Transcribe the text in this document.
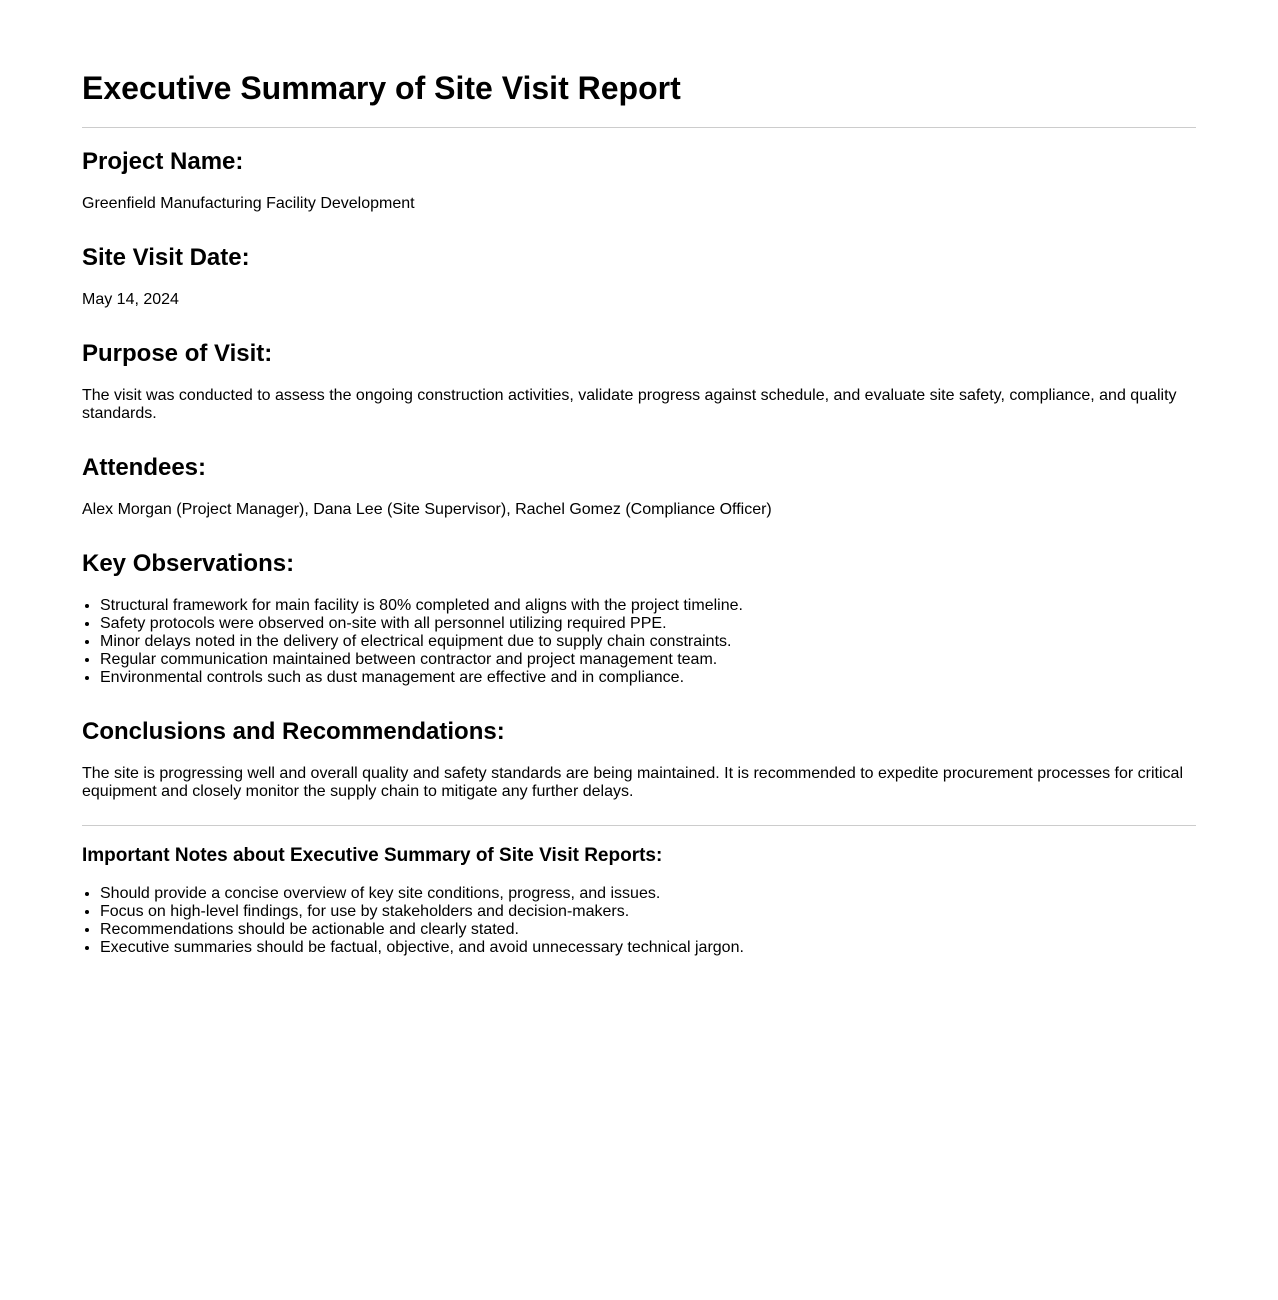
Executive Summary of Site Visit Report
Project Name:

Greenfield Manufacturing Facility Development

Site Visit Date:

May 14, 2024

Purpose of Visit:

The visit was conducted to assess the ongoing construction activities, validate progress against schedule, and evaluate site safety, compliance, and quality standards.

Attendees:

Alex Morgan (Project Manager), Dana Lee (Site Supervisor), Rachel Gomez (Compliance Officer)

Key Observations:
• Structural framework for main facility is 80% completed and aligns with the project timeline.
• Safety protocols were observed on-site with all personnel utilizing required PPE.
• Minor delays noted in the delivery of electrical equipment due to supply chain constraints.
• Regular communication maintained between contractor and project management team.
• Environmental controls such as dust management are effective and in compliance.
Conclusions and Recommendations:

The site is progressing well and overall quality and safety standards are being maintained. It is recommended to expedite procurement processes for critical equipment and closely monitor the supply chain to mitigate any further delays.

Important Notes about Executive Summary of Site Visit Reports:
• Should provide a concise overview of key site conditions, progress, and issues.
• Focus on high-level findings, for use by stakeholders and decision-makers.
• Recommendations should be actionable and clearly stated.
• Executive summaries should be factual, objective, and avoid unnecessary technical jargon.
